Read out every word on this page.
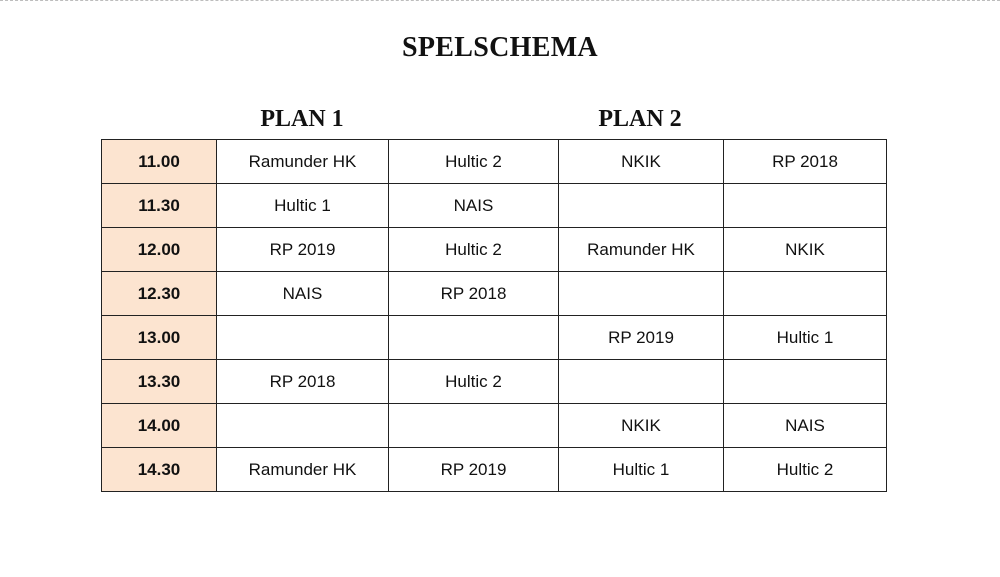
SPELSCHEMA
PLAN 1	PLAN 2
11.00	Ramunder HK	Hultic 2	NKIK	RP 2018
11.30	Hultic 1	NAIS		
12.00	RP 2019	Hultic 2	Ramunder HK	NKIK
12.30	NAIS	RP 2018		
13.00			RP 2019	Hultic 1
13.30	RP 2018	Hultic 2		
14.00			NKIK	NAIS
14.30	Ramunder HK	RP 2019	Hultic 1	Hultic 2
